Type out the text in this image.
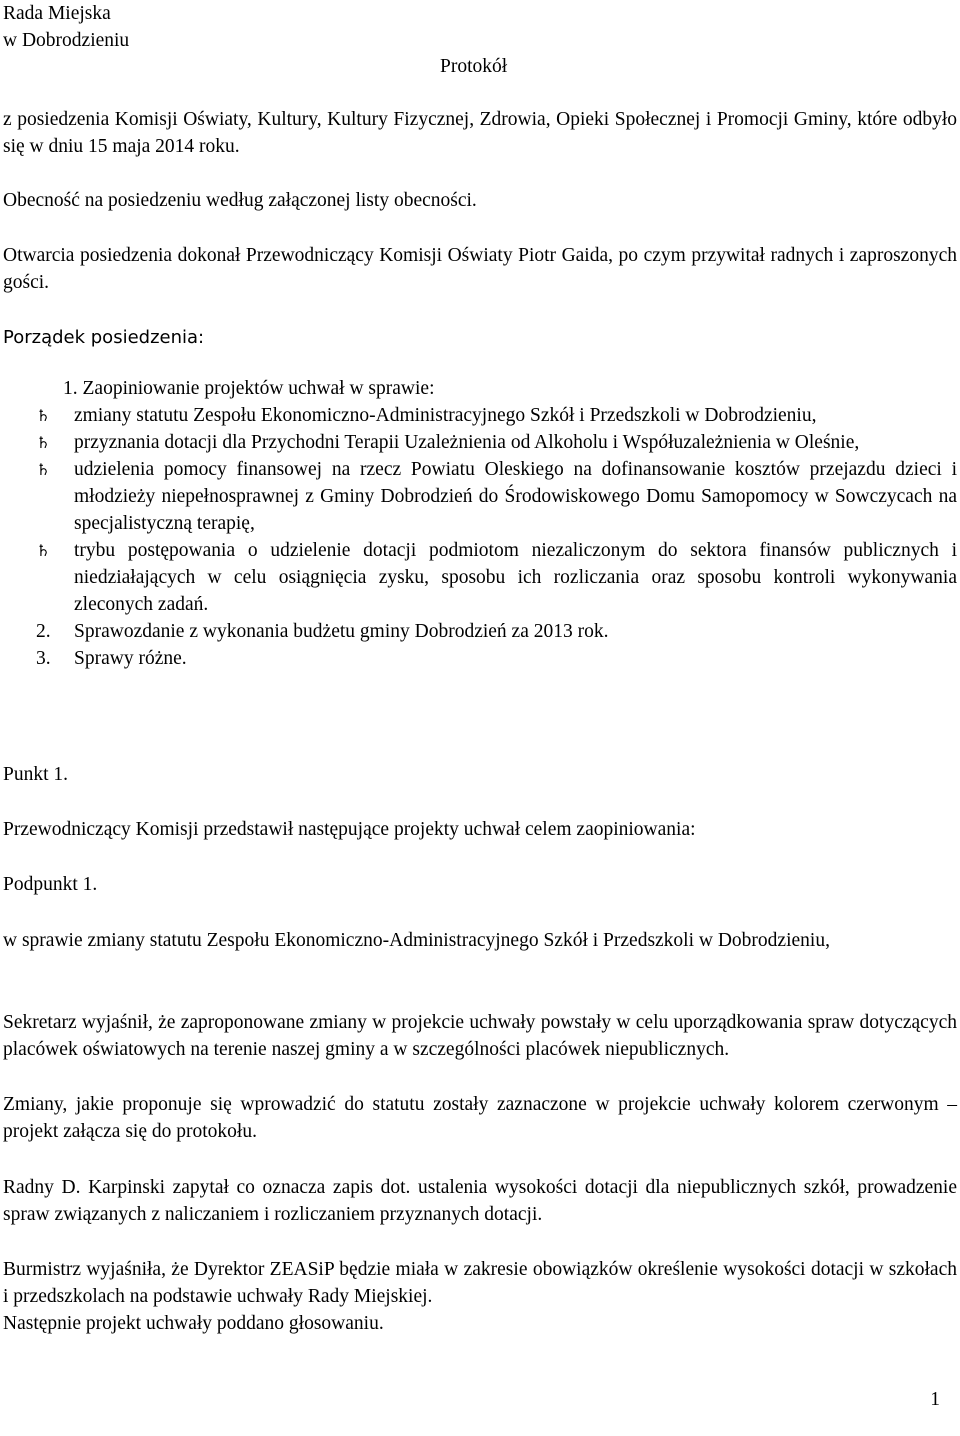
Rada Miejska
w Dobrodzieniu

Protokół

z posiedzenia Komisji Oświaty, Kultury, Kultury Fizycznej, Zdrowia, Opieki Społecznej i Promocji Gminy, które odbyło się w dniu 15 maja 2014 roku.

Obecność na posiedzeniu według załączonej listy obecności.

Otwarcia posiedzenia dokonał Przewodniczący Komisji Oświaty Piotr Gaida, po czym przywitał radnych i zaproszonych gości.

Porządek posiedzenia:

1. Zaopiniowanie projektów uchwał w sprawie:
♄	zmiany statutu Zespołu Ekonomiczno-Administracyjnego Szkół i Przedszkoli w Dobrodzieniu,
♄	przyznania dotacji dla Przychodni Terapii Uzależnienia od Alkoholu i Współuzależnienia w Oleśnie,
♄	udzielenia pomocy finansowej na rzecz Powiatu Oleskiego na dofinansowanie kosztów przejazdu dzieci i młodzieży niepełnosprawnej z Gminy Dobrodzień do Środowiskowego Domu Samopomocy w Sowczycach na specjalistyczną terapię,
♄	trybu postępowania o udzielenie dotacji podmiotom niezaliczonym do sektora finansów publicznych i niedziałających w celu osiągnięcia zysku, sposobu ich rozliczania oraz sposobu kontroli wykonywania zleconych zadań.
2. Sprawozdanie z wykonania budżetu gminy Dobrodzień za 2013 rok.
3. Sprawy różne.

Punkt 1.

Przewodniczący Komisji przedstawił następujące projekty uchwał celem zaopiniowania:

Podpunkt 1.

w sprawie zmiany statutu Zespołu Ekonomiczno-Administracyjnego Szkół i Przedszkoli w Dobrodzieniu,

Sekretarz wyjaśnił, że zaproponowane zmiany w projekcie uchwały powstały w celu uporządkowania spraw dotyczących placówek oświatowych na terenie naszej gminy a w szczególności placówek niepublicznych.

Zmiany, jakie proponuje się wprowadzić do statutu zostały zaznaczone w projekcie uchwały kolorem czerwonym – projekt załącza się do protokołu.

Radny D. Karpinski zapytał co oznacza zapis dot. ustalenia wysokości dotacji dla niepublicznych szkół, prowadzenie spraw związanych z naliczaniem i rozliczaniem przyznanych dotacji.

Burmistrz wyjaśniła, że Dyrektor ZEASiP będzie miała w zakresie obowiązków określenie wysokości dotacji w szkołach i przedszkolach na podstawie uchwały Rady Miejskiej.

Następnie projekt uchwały poddano głosowaniu.

1
